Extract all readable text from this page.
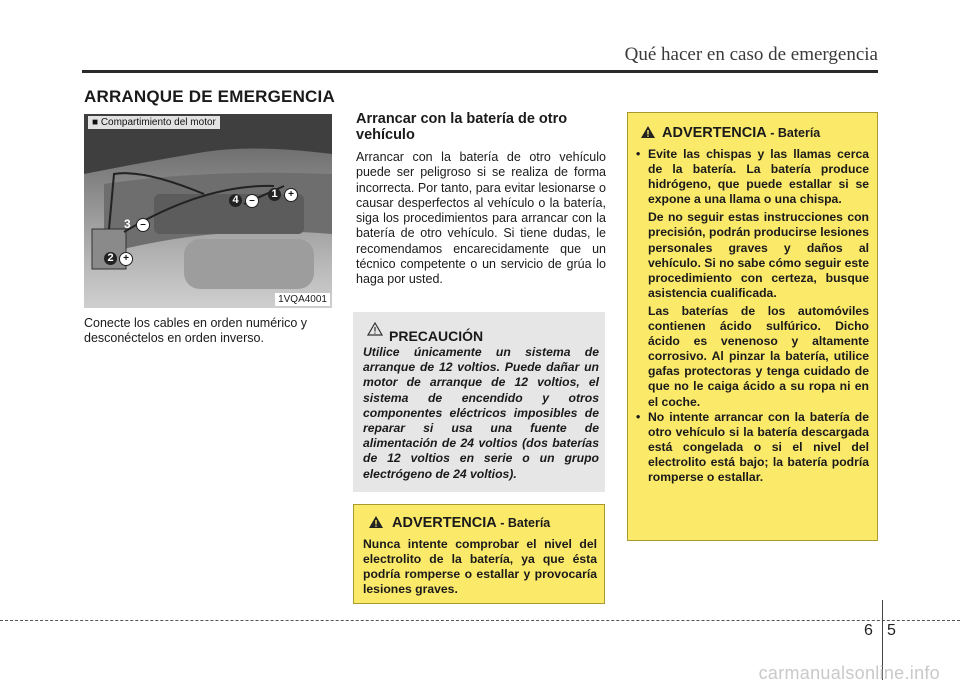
Qué hacer en caso de emergencia
ARRANQUE DE EMERGENCIA
■ Compartimiento del motor
1VQA4001
1	+
4	–
3 –
2 +
Conecte los cables en orden numérico y desconéctelos en orden inverso.
Arrancar con la batería de otro vehículo
Arrancar con la batería de otro vehículo puede ser peligroso si se realiza de forma incorrecta. Por tanto, para evitar lesionarse o causar desperfectos al vehículo o la batería, siga los procedimientos para arrancar con la batería de otro vehículo. Si tiene dudas, le recomendamos encarecidamente que un técnico competente o un servicio de grúa lo haga por usted.
PRECAUCIÓN
Utilice únicamente un sistema de arranque de 12 voltios. Puede dañar un motor de arranque de 12 voltios, el sistema de encendido y otros componentes eléctricos imposibles de reparar si usa una fuente de alimentación de 24 voltios (dos baterías de 12 voltios en serie o un grupo electrógeno de 24 voltios).
ADVERTENCIA - Batería
Nunca intente comprobar el nivel del electrolito de la batería, ya que ésta podría romperse o estallar y provocaría lesiones graves.
ADVERTENCIA - Batería
• Evite las chispas y las llamas cerca de la batería. La batería produce hidrógeno, que puede estallar si se expone a una llama o una chispa.
De no seguir estas instrucciones con precisión, podrán producirse lesiones personales graves y daños al vehículo. Si no sabe cómo seguir este procedimiento con certeza, busque asistencia cualificada.
Las baterías de los automóviles contienen ácido sulfúrico. Dicho ácido es venenoso y altamente corrosivo. Al pinzar la batería, utilice gafas protectoras y tenga cuidado de que no le caiga ácido a su ropa ni en el coche.
• No intente arrancar con la batería de otro vehículo si la batería descargada está congelada o si el nivel del electrolito está bajo; la batería podría romperse o estallar.
6 5
carmanualsonline.info
